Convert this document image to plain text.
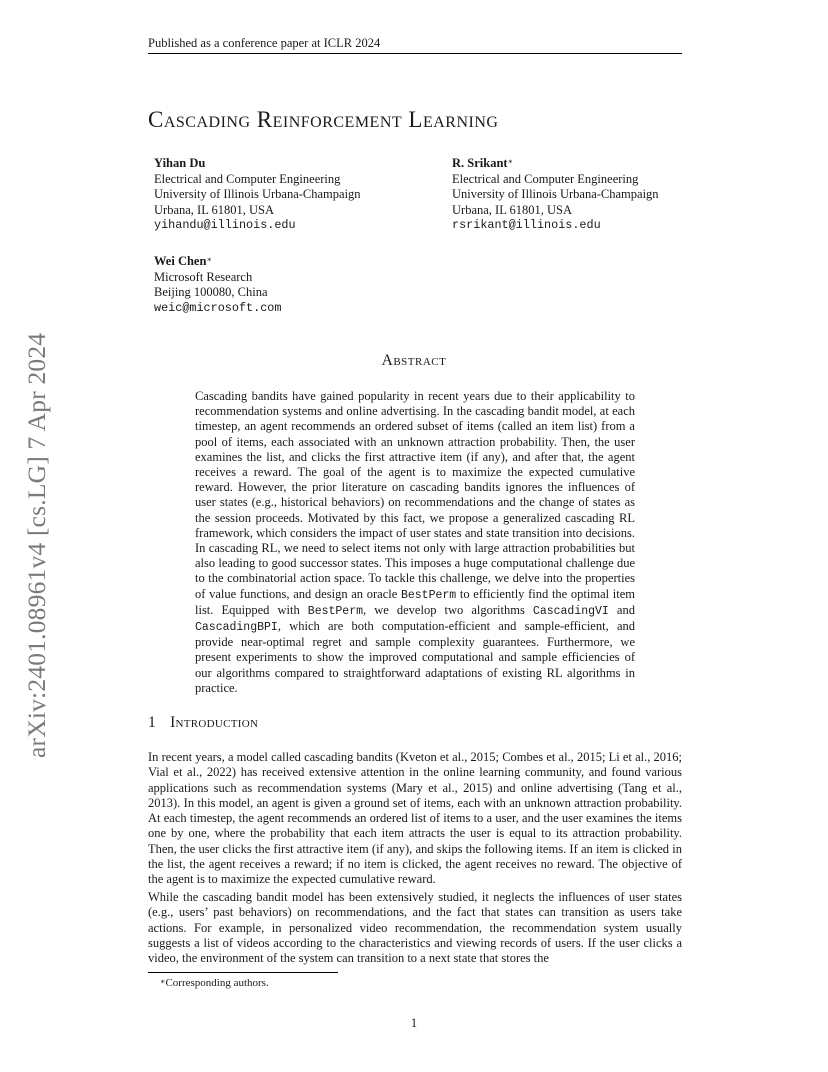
Published as a conference paper at ICLR 2024
Cascading Reinforcement Learning
Yihan Du
Electrical and Computer Engineering
University of Illinois Urbana-Champaign
Urbana, IL 61801, USA
yihandu@illinois.edu
R. Srikant∗
Electrical and Computer Engineering
University of Illinois Urbana-Champaign
Urbana, IL 61801, USA
rsrikant@illinois.edu
Wei Chen∗
Microsoft Research
Beijing 100080, China
weic@microsoft.com
arXiv:2401.08961v4 [cs.LG] 7 Apr 2024	Abstract
Cascading bandits have gained popularity in recent years due to their applicability to recommendation systems and online advertising. In the cascading bandit model, at each timestep, an agent recommends an ordered subset of items (called an item list) from a pool of items, each associated with an unknown attraction probability. Then, the user examines the list, and clicks the first attractive item (if any), and after that, the agent receives a reward. The goal of the agent is to maximize the expected cumulative reward. However, the prior literature on cascading bandits ignores the influences of user states (e.g., historical behaviors) on recommendations and the change of states as the session proceeds. Motivated by this fact, we propose a generalized cascading RL framework, which considers the impact of user states and state transition into decisions. In cascading RL, we need to select items not only with large attraction probabilities but also leading to good successor states. This imposes a huge computational challenge due to the combinatorial action space. To tackle this challenge, we delve into the properties of value functions, and design an oracle BestPerm to efficiently find the optimal item list. Equipped with BestPerm, we develop two algorithms CascadingVI and CascadingBPI, which are both computation-efficient and sample-efficient, and provide near-optimal regret and sample complexity guarantees. Furthermore, we present experiments to show the improved computational and sample efficiencies of our algorithms compared to straightforward adaptations of existing RL algorithms in practice.
1 Introduction
In recent years, a model called cascading bandits (Kveton et al., 2015; Combes et al., 2015; Li et al., 2016; Vial et al., 2022) has received extensive attention in the online learning community, and found various applications such as recommendation systems (Mary et al., 2015) and online advertising (Tang et al., 2013). In this model, an agent is given a ground set of items, each with an unknown attraction probability. At each timestep, the agent recommends an ordered list of items to a user, and the user examines the items one by one, where the probability that each item attracts the user is equal to its attraction probability. Then, the user clicks the first attractive item (if any), and skips the following items. If an item is clicked in the list, the agent receives a reward; if no item is clicked, the agent receives no reward. The objective of the agent is to maximize the expected cumulative reward.
While the cascading bandit model has been extensively studied, it neglects the influences of user states (e.g., users’ past behaviors) on recommendations, and the fact that states can transition as users take actions. For example, in personalized video recommendation, the recommendation system usually suggests a list of videos according to the characteristics and viewing records of users. If the user clicks a video, the environment of the system can transition to a next state that stores the
∗Corresponding authors.
1
